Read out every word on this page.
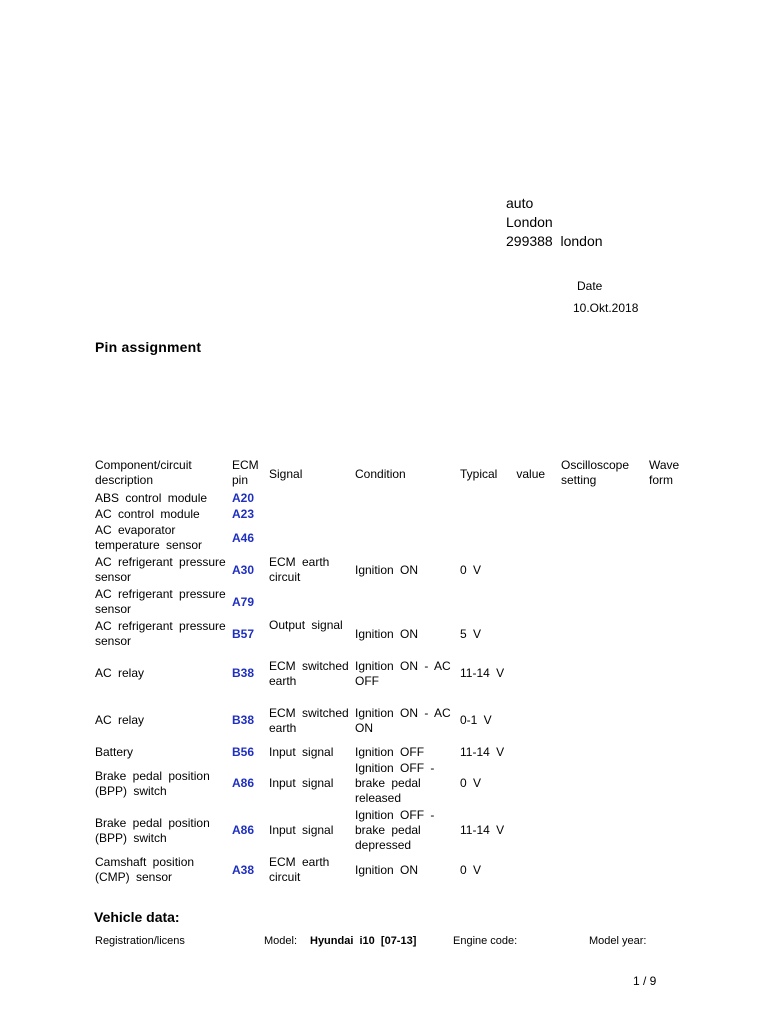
auto
London
299388  london
Date
10.Okt.2018
Pin assignment
Component/circuit description	ECM pin	Signal	Condition	Typical   value	Oscilloscope setting	Wave form
ABS control module	A20					
AC control module	A23					
AC evaporator temperature sensor	A46					
AC refrigerant pressure sensor	A30	ECM earth circuit	Ignition ON	0 V		
AC refrigerant pressure sensor	A79					
AC refrigerant pressure sensor	B57	Output signal	Ignition ON	5 V		
AC relay	B38	ECM switched earth	Ignition ON - AC OFF	11-14 V		
AC relay	B38	ECM switched earth	Ignition ON - AC ON	0-1 V		
Battery	B56	Input signal	Ignition OFF	11-14 V		
Brake pedal position (BPP) switch	A86	Input signal	Ignition OFF - brake pedal released	0 V		
Brake pedal position (BPP) switch	A86	Input signal	Ignition OFF - brake pedal depressed	11-14 V		
Camshaft position (CMP) sensor	A38	ECM earth circuit	Ignition ON	0 V		
Vehicle data:
Registration/licens	Model: Hyundai  i10  [07-13]	Engine code:	Model year:
1 / 9
